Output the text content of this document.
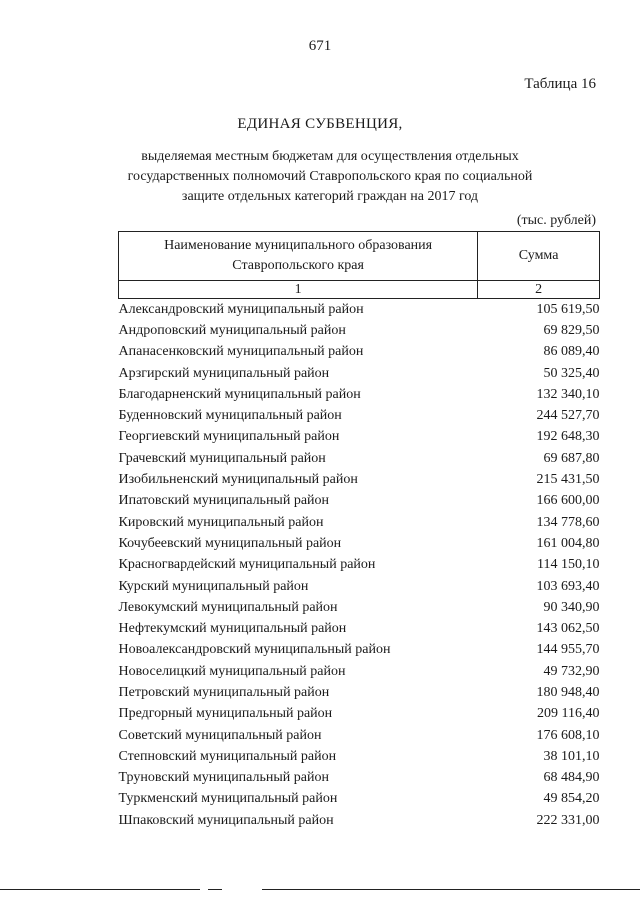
671
Таблица 16
ЕДИНАЯ СУБВЕНЦИЯ,
выделяемая местным бюджетам для осуществления отдельных государственных полномочий Ставропольского края по социальной защите отдельных категорий граждан на 2017 год
(тыс. рублей)
Наименование муниципального образования Ставропольского края	Сумма
1	2
Александровский муниципальный район	105 619,50
Андроповский муниципальный район	69 829,50
Апанасенковский муниципальный район	86 089,40
Арзгирский муниципальный район	50 325,40
Благодарненский муниципальный район	132 340,10
Буденновский муниципальный район	244 527,70
Георгиевский муниципальный район	192 648,30
Грачевский муниципальный район	69 687,80
Изобильненский муниципальный район	215 431,50
Ипатовский муниципальный район	166 600,00
Кировский муниципальный район	134 778,60
Кочубеевский муниципальный район	161 004,80
Красногвардейский муниципальный район	114 150,10
Курский муниципальный район	103 693,40
Левокумский муниципальный район	90 340,90
Нефтекумский муниципальный район	143 062,50
Новоалександровский муниципальный район	144 955,70
Новоселицкий муниципальный район	49 732,90
Петровский муниципальный район	180 948,40
Предгорный муниципальный район	209 116,40
Советский муниципальный район	176 608,10
Степновский муниципальный район	38 101,10
Труновский муниципальный район	68 484,90
Туркменский муниципальный район	49 854,20
Шпаковский муниципальный район	222 331,00
